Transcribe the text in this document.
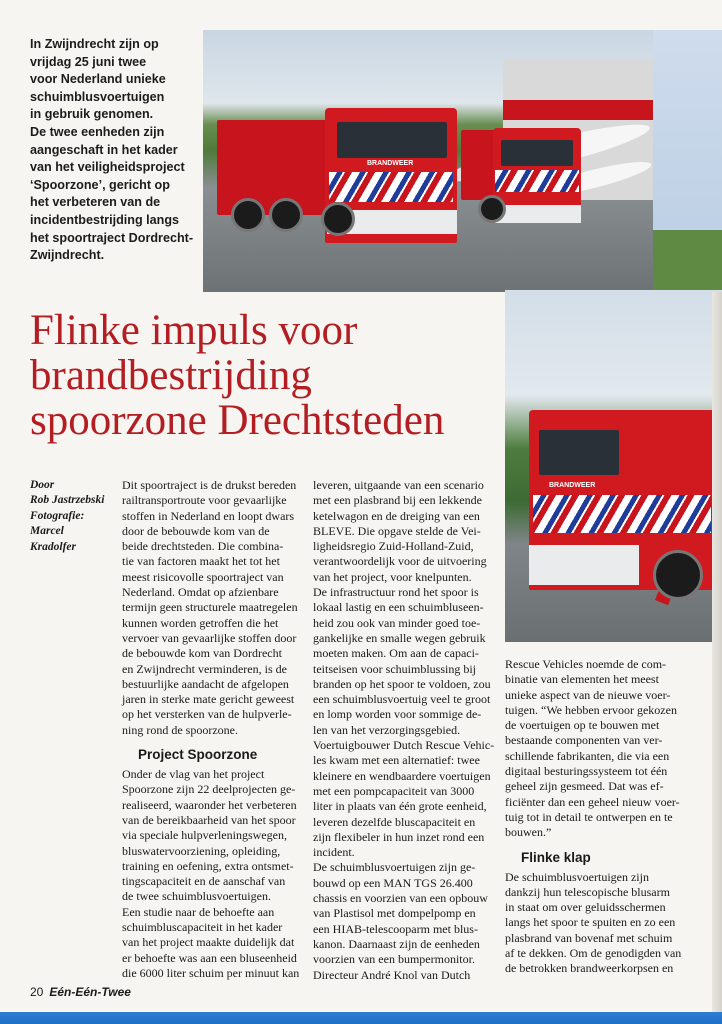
In Zwijndrecht zijn op
vrijdag 25 juni twee
voor Nederland unieke
schuimblusvoertuigen
in gebruik genomen.
De twee eenheden zijn
aangeschaft in het kader
van het veiligheidsproject
‘Spoorzone’, gericht op
het verbeteren van de
incidentbestrijding langs
het spoortraject Dordrecht-
Zwijndrecht.
BRANDWEER
BRANDWEER
Flinke impuls voor
brandbestrijding
spoorzone Drechtsteden
Door
Rob Jastrzebski
Fotografie:
Marcel
Kradolfer
Dit spoortraject is de drukst bereden
railtransportroute voor gevaarlijke
stoffen in Nederland en loopt dwars
door de bebouwde kom van de
beide drechtsteden. Die combina-
tie van factoren maakt het tot het
meest risicovolle spoortraject van
Nederland. Omdat op afzienbare
termijn geen structurele maatregelen
kunnen worden getroffen die het
vervoer van gevaarlijke stoffen door
de bebouwde kom van Dordrecht
en Zwijndrecht verminderen, is de
bestuurlijke aandacht de afgelopen
jaren in sterke mate gericht geweest
op het versterken van de hulpverle-
ning rond de spoorzone.
Project Spoorzone
Onder de vlag van het project
Spoorzone zijn 22 deelprojecten ge-
realiseerd, waaronder het verbeteren
van de bereikbaarheid van het spoor
via speciale hulpverleningswegen,
bluswatervoorziening, opleiding,
training en oefening, extra ontsmet-
tingscapaciteit en de aanschaf van
de twee schuimblusvoertuigen.
Een studie naar de behoefte aan
schuimbluscapaciteit in het kader
van het project maakte duidelijk dat
er behoefte was aan een bluseenheid
die 6000 liter schuim per minuut kan
leveren, uitgaande van een scenario
met een plasbrand bij een lekkende
ketelwagon en de dreiging van een
BLEVE. Die opgave stelde de Vei-
ligheidsregio Zuid-Holland-Zuid,
verantwoordelijk voor de uitvoering
van het project, voor knelpunten.
De infrastructuur rond het spoor is
lokaal lastig en een schuimbluseen-
heid zou ook van minder goed toe-
gankelijke en smalle wegen gebruik
moeten maken. Om aan de capaci-
teitseisen voor schuimblussing bij
branden op het spoor te voldoen, zou
een schuimblusvoertuig veel te groot
en lomp worden voor sommige de-
len van het verzorgingsgebied.
Voertuigbouwer Dutch Rescue Vehic-
les kwam met een alternatief: twee
kleinere en wendbaardere voertuigen
met een pompcapaciteit van 3000
liter in plaats van één grote eenheid,
leveren dezelfde bluscapaciteit en
zijn flexibeler in hun inzet rond een
incident.
De schuimblusvoertuigen zijn ge-
bouwd op een MAN TGS 26.400
chassis en voorzien van een opbouw
van Plastisol met dompelpomp en
een HIAB-telescooparm met blus-
kanon. Daarnaast zijn de eenheden
voorzien van een bumpermonitor.
Directeur André Knol van Dutch
Rescue Vehicles noemde de com-
binatie van elementen het meest
unieke aspect van de nieuwe voer-
tuigen. “We hebben ervoor gekozen
de voertuigen op te bouwen met
bestaande componenten van ver-
schillende fabrikanten, die via een
digitaal besturingssysteem tot één
geheel zijn gesmeed. Dat was ef-
ficiënter dan een geheel nieuw voer-
tuig tot in detail te ontwerpen en te
bouwen.”
Flinke klap
De schuimblusvoertuigen zijn
dankzij hun telescopische blusarm
in staat om over geluidsschermen
langs het spoor te spuiten en zo een
plasbrand van bovenaf met schuim
af te dekken. Om de genodigden van
de betrokken brandweerkorpsen en
20 Eén-Eén-Twee
